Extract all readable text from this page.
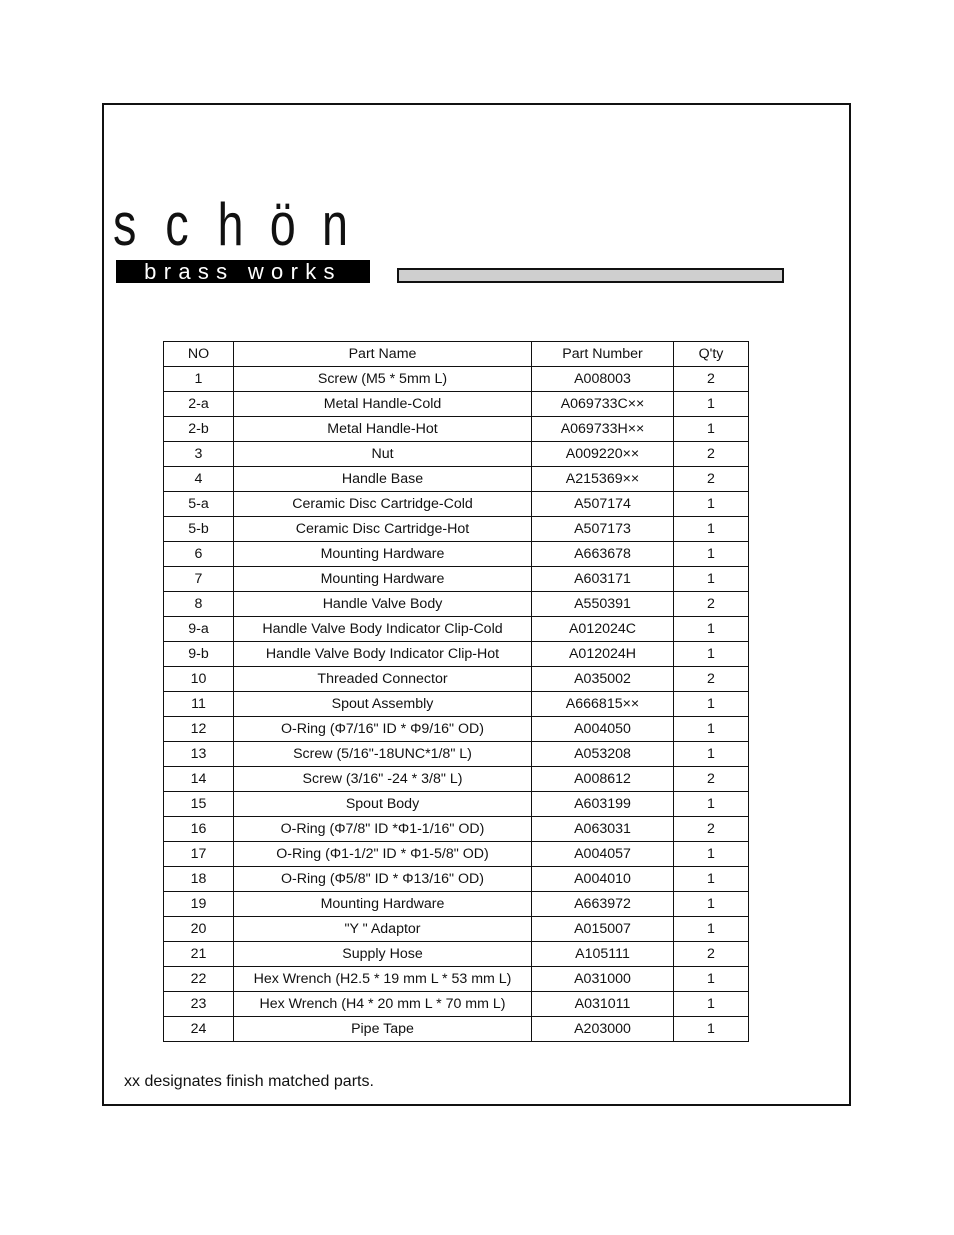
s c h ö n
brass works
NO	Part Name	Part Number	Q'ty
1	Screw (M5 * 5mm L)	A008003	2
2-a	Metal Handle-Cold	A069733C××	1
2-b	Metal Handle-Hot	A069733H××	1
3	Nut	A009220××	2
4	Handle Base	A215369××	2
5-a	Ceramic Disc Cartridge-Cold	A507174	1
5-b	Ceramic Disc Cartridge-Hot	A507173	1
6	Mounting Hardware	A663678	1
7	Mounting Hardware	A603171	1
8	Handle Valve Body	A550391	2
9-a	Handle Valve Body Indicator Clip-Cold	A012024C	1
9-b	Handle Valve Body Indicator Clip-Hot	A012024H	1
10	Threaded Connector	A035002	2
11	Spout Assembly	A666815××	1
12	O-Ring (Φ7/16" ID * Φ9/16" OD)	A004050	1
13	Screw (5/16"-18UNC*1/8" L)	A053208	1
14	Screw (3/16" -24 * 3/8" L)	A008612	2
15	Spout Body	A603199	1
16	O-Ring (Φ7/8" ID *Φ1-1/16" OD)	A063031	2
17	O-Ring (Φ1-1/2" ID * Φ1-5/8" OD)	A004057	1
18	O-Ring (Φ5/8" ID * Φ13/16" OD)	A004010	1
19	Mounting Hardware	A663972	1
20	"Y " Adaptor	A015007	1
21	Supply Hose	A105111	2
22	Hex Wrench (H2.5 * 19 mm L * 53 mm L)	A031000	1
23	Hex Wrench (H4 * 20 mm L * 70 mm L)	A031011	1
24	Pipe Tape	A203000	1
xx designates finish matched parts.
